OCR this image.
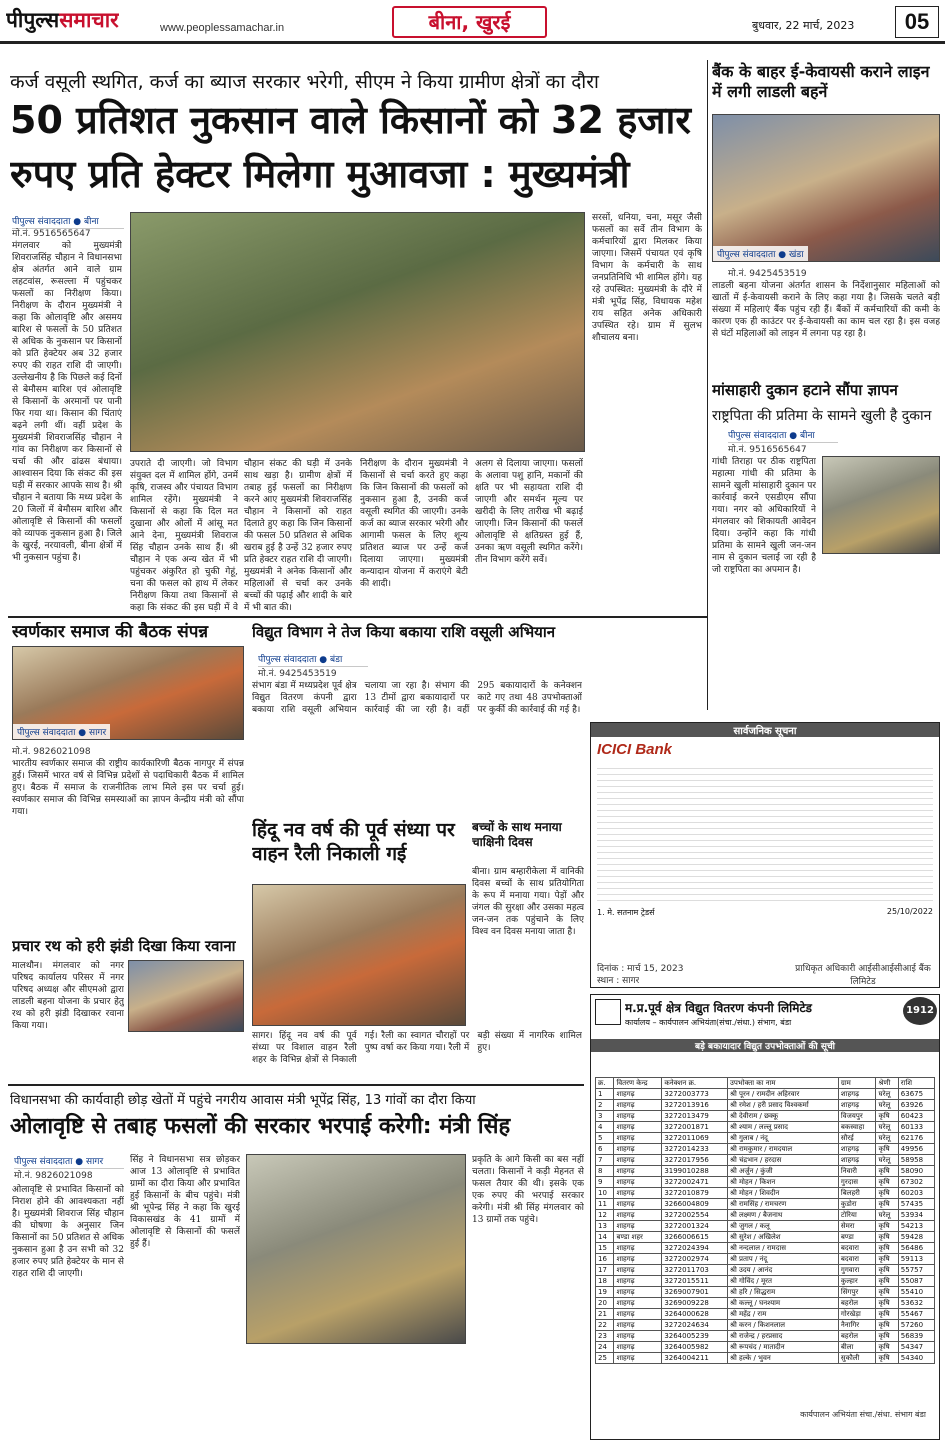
पीपुल्ससमाचार	www.peoplessamachar.in	बीना, खुरई	बुधवार, 22 मार्च, 2023	05
कर्ज वसूली स्थगित, कर्ज का ब्याज सरकार भरेगी, सीएम ने किया ग्रामीण क्षेत्रों का दौरा
50 प्रतिशत नुकसान वाले किसानों को 32 हजार
रुपए प्रति हेक्टर मिलेगा मुआवजा : मुख्यमंत्री
पीपुल्स संवाददाता ● बीना
मो.नं. 9516565647
मंगलवार को मुख्यमंत्री शिवराजसिंह चौहान ने विधानसभा क्षेत्र अंतर्गत आने वाले ग्राम लहटवांस, रूसल्ला में पहुंचकर फसलों का निरीक्षण किया। निरीक्षण के दौरान मुख्यमंत्री ने कहा कि ओलावृष्टि और असमय बारिश से फसलों के 50 प्रतिशत से अधिक के नुकसान पर किसानों को प्रति हेक्टेयर अब 32 हजार रुपए की राहत राशि दी जाएगी। उल्लेखनीय है कि पिछले कई दिनों से बेमौसम बारिश एवं ओलावृष्टि से किसानों के अरमानों पर पानी फिर गया था। किसान की चिंताएं बढ़ने लगी थीं। वहीं प्रदेश के मुख्यमंत्री शिवराजसिंह चौहान ने गांव का निरीक्षण कर किसानों से चर्चा की और ढांढस बंधाया। आश्वासन दिया कि संकट की इस घड़ी में सरकार आपके साथ है। श्री चौहान ने बताया कि मध्य प्रदेश के 20 जिलों में बेमौसम बारिश और ओलावृष्टि से किसानों की फसलों को व्यापक नुकसान हुआ है। जिले के खुरई, नरयावली, बीना क्षेत्रों में भी नुकसान पहुंचा है।
उपराते दी जाएगी। जो विभाग संयुक्त दल में शामिल होंगे, उनमें कृषि, राजस्व और पंचायत विभाग शामिल रहेंगे। मुख्यमंत्री ने किसानों से कहा कि दिल मत दुखाना और ओलों में आंसू मत आने देना, मुख्यमंत्री शिवराज सिंह चौहान उनके साथ हैं। श्री चौहान ने एक अन्य खेत में भी पहुंचकर अंकुरित हो चुकी गेहूं, चना की फसल को हाथ में लेकर निरीक्षण किया तथा किसानों से कहा कि संकट की इस घड़ी में वे
चौहान संकट की घड़ी में उनके साथ खड़ा है। ग्रामीण क्षेत्रों में तबाह हुई फसलों का निरीक्षण करने आए मुख्यमंत्री शिवराजसिंह चौहान ने किसानों को राहत दिलाते हुए कहा कि जिन किसानों की फसल 50 प्रतिशत से अधिक खराब हुई है उन्हें 32 हजार रुपए प्रति हेक्टर राहत राशि दी जाएगी। मुख्यमंत्री ने अनेक किसानों और महिलाओं से चर्चा कर उनके बच्चों की पढ़ाई और शादी के बारे में भी बात की।
निरीक्षण के दौरान मुख्यमंत्री ने किसानों से चर्चा करते हुए कहा कि जिन किसानों की फसलों को नुकसान हुआ है, उनकी कर्ज वसूली स्थगित की जाएगी। उनके कर्ज का ब्याज सरकार भरेगी और आगामी फसल के लिए शून्य प्रतिशत ब्याज पर उन्हें कर्ज दिलाया जाएगा। मुख्यमंत्री कन्यादान योजना में कराएंगे बेटी की शादी।
अलग से दिलाया जाएगा। फसलों के अलावा पशु हानि, मकानों की क्षति पर भी सहायता राशि दी जाएगी और समर्थन मूल्य पर खरीदी के लिए तारीख भी बढ़ाई जाएगी। जिन किसानों की फसलें ओलावृष्टि से क्षतिग्रस्त हुई हैं, उनका ऋण वसूली स्थगित करेंगे। तीन विभाग करेंगे सर्वे।
सरसों, धनिया, चना, मसूर जैसी फसलों का सर्वे तीन विभाग के कर्मचारियों द्वारा मिलकर किया जाएगा। जिसमें पंचायत एवं कृषि विभाग के कर्मचारी के साथ जनप्रतिनिधि भी शामिल होंगे। यह रहे उपस्थित: मुख्यमंत्री के दौरे में मंत्री भूपेंद्र सिंह, विधायक महेश राय सहित अनेक अधिकारी उपस्थित रहे। ग्राम में सुलभ शौचालय बना।
बैंक के बाहर ई-केवायसी कराने लाइन में लगी लाडली बहनें
पीपुल्स संवाददाता ● खंडा
मो.नं. 9425453519
लाडली बहना योजना अंतर्गत शासन के निर्देशानुसार महिलाओं को खातों में ई-केवायसी कराने के लिए कहा गया है। जिसके चलते बड़ी संख्या में महिलाएं बैंक पहुंच रही हैं। बैंकों में कर्मचारियों की कमी के कारण एक ही काउंटर पर ई-केवायसी का काम चल रहा है। इस वजह से घंटों महिलाओं को लाइन में लगना पड़ रहा है।
मांसाहारी दुकान हटाने सौंपा ज्ञापन
राष्ट्रपिता की प्रतिमा के सामने खुली है दुकान
पीपुल्स संवाददाता ● बीना
मो.नं. 9516565647
गांधी तिराहा पर ठीक राष्ट्रपिता महात्मा गांधी की प्रतिमा के सामने खुली मांसाहारी दुकान पर कार्रवाई करने एसडीएम सौंपा गया। नगर को अधिकारियों ने मंगलवार को शिकायती आवेदन दिया। उन्होंने कहा कि गांधी प्रतिमा के सामने खुली जन-जन नाम से दुकान चलाई जा रही है जो राष्ट्रपिता का अपमान है।
स्वर्णकार समाज की बैठक संपन्न
पीपुल्स संवाददाता ● सागर
मो.नं. 9826021098
भारतीय स्वर्णकार समाज की राष्ट्रीय कार्यकारिणी बैठक नागपुर में संपन्न हुई। जिसमें भारत वर्ष से विभिन्न प्रदेशों से पदाधिकारी बैठक में शामिल हुए। बैठक में समाज के राजनीतिक लाभ मिले इस पर चर्चा हुई। स्वर्णकार समाज की विभिन्न समस्याओं का ज्ञापन केन्द्रीय मंत्री को सौंपा गया।
प्रचार रथ को हरी झंडी दिखा किया रवाना
मालथौन। मंगलवार को नगर परिषद कार्यालय परिसर में नगर परिषद अध्यक्ष और सीएमओ द्वारा लाडली बहना योजना के प्रचार हेतु रथ को हरी झंडी दिखाकर रवाना किया गया।
विद्युत विभाग ने तेज किया बकाया राशि वसूली अभियान
पीपुल्स संवाददाता ● बंडा
मो.नं. 9425453519
संभाग बंडा में मध्यप्रदेश पूर्व क्षेत्र विद्युत वितरण कंपनी द्वारा बकाया राशि वसूली अभियान चलाया जा रहा है। संभाग की 13 टीमों द्वारा बकायादारों पर कार्रवाई की जा रही है। वहीं 295 बकायादारों के कनेक्शन काटे गए तथा 48 उपभोक्ताओं पर कुर्की की कार्रवाई की गई है।
हिंदू नव वर्ष की पूर्व संध्या पर वाहन रैली निकाली गई
सागर। हिंदू नव वर्ष की पूर्व संध्या पर विशाल वाहन रैली शहर के विभिन्न क्षेत्रों से निकाली गई। रैली का स्वागत चौराहों पर पुष्प वर्षा कर किया गया। रैली में बड़ी संख्या में नागरिक शामिल हुए।
बच्चों के साथ मनाया चाक्षिनी दिवस
बीना। ग्राम बम्हारीकेला में वानिकी दिवस बच्चों के साथ प्रतियोगिता के रूप में मनाया गया। पेड़ों और जंगल की सुरक्षा और उसका महत्व जन-जन तक पहुंचाने के लिए विश्व वन दिवस मनाया जाता है।
सार्वजनिक सूचना
ICICI Bank
1. मे. सतनाम ट्रेडर्स	25/10/2022
दिनांक : मार्च 15, 2023
स्थान : सागर
प्राधिकृत अधिकारी आईसीआईसीआई बैंक लिमिटेड
विधानसभा की कार्यवाही छोड़ खेतों में पहुंचे नगरीय आवास मंत्री भूपेंद्र सिंह, 13 गांवों का दौरा किया
ओलावृष्टि से तबाह फसलों की सरकार भरपाई करेगी: मंत्री सिंह
पीपुल्स संवाददाता ● सागर
मो.नं. 9826021098
ओलावृष्टि से प्रभावित किसानों को निराश होने की आवश्यकता नहीं है। मुख्यमंत्री शिवराज सिंह चौहान की घोषणा के अनुसार जिन किसानों का 50 प्रतिशत से अधिक नुकसान हुआ है उन सभी को 32 हजार रुपए प्रति हेक्टेयर के मान से राहत राशि दी जाएगी।
सिंह ने विधानसभा सत्र छोड़कर आज 13 ओलावृष्टि से प्रभावित ग्रामों का दौरा किया और प्रभावित हुई किसानों के बीच पहुंचे। मंत्री श्री भूपेन्द्र सिंह ने कहा कि खुरई विकासखंड के 41 ग्रामों में ओलावृष्टि से किसानों की फसलें हुई हैं।
प्रकृति के आगे किसी का बस नहीं चलता। किसानों ने कड़ी मेहनत से फसल तैयार की थी। इसके एक एक रुपए की भरपाई सरकार करेगी। मंत्री श्री सिंह मंगलवार को 13 ग्रामों तक पहुंचे।
म.प्र.पूर्व क्षेत्र विद्युत वितरण कंपनी लिमिटेड	1912
कार्यालय – कार्यपालन अभियंता(संचा./संधा.) संभाग, बंडा
बड़े बकायादार विद्युत उपभोक्ताओं की सूची
क्र.	वितरण केन्द्र	कनेक्शन क्र.	उपभोक्ता का नाम	ग्राम	श्रेणी	राशि
1	शाहगढ़	3272003773	श्री पूरन / रामदीन अहिरवार	शाहगढ़	घरेलू	63675
2	शाहगढ़	3272013916	श्री रमेश / हरी प्रसाद विश्वकर्मा	शाहगढ़	घरेलू	63926
3	शाहगढ़	3272013479	श्री देवीराम / छक्कू	विजयपुर	कृषि	60423
4	शाहगढ़	3272001871	श्री श्याम / लल्लू प्रसाद	बकस्वाहा	घरेलू	60133
5	शाहगढ़	3272011069	श्री गुलाब / नंदू	सौरई	घरेलू	62176
6	शाहगढ़	3272014233	श्री रामकुमार / रामदयाल	शाहगढ़	कृषि	49956
7	शाहगढ़	3272017956	श्री चंद्रभान / हरदास	शाहगढ़	घरेलू	58958
8	शाहगढ़	3199010288	श्री अर्जुन / कुंजी	निवारी	कृषि	58090
9	शाहगढ़	3272002471	श्री मोहन / किशन	गुरदास	कृषि	67302
10	शाहगढ़	3272010879	श्री मोहन / शिवदीन	बिलहरी	कृषि	60203
11	शाहगढ़	3266004809	श्री रामसिंह / रामचरण	कुडोरा	कृषि	57435
12	शाहगढ़	3272002554	श्री लक्ष्मण / बैजनाथ	टोरिया	घरेलू	53934
13	शाहगढ़	3272001324	श्री जुगल / कलू	सेमरा	कृषि	54213
14	बण्डा शहर	3266006615	श्री सुरेश / अखिलेश	बण्डा	कृषि	59428
15	शाहगढ़	3272024394	श्री नन्दलाल / रामदास	बदवारा	कृषि	56486
16	शाहगढ़	3272002974	श्री प्रताप / नंदू	बदवारा	कृषि	59113
17	शाहगढ़	3272011703	श्री उदय / आनंद	गुगवारा	कृषि	55757
18	शाहगढ़	3272015511	श्री गोविंद / मूरत	कुल्हार	कृषि	55087
19	शाहगढ़	3269007901	श्री हरि / सिद्धराम	सिंगपुर	कृषि	55410
20	शाहगढ़	3269009228	श्री कल्लू / घनश्याम	बहरोल	कृषि	53632
21	शाहगढ़	3264000628	श्री महेंद्र / राम	गोरखेड़ा	कृषि	55467
22	शाहगढ़	3272024634	श्री करन / किशनलाल	नैनागिर	कृषि	57260
23	शाहगढ़	3264005239	श्री राजेन्द्र / हरप्रसाद	बहरोल	कृषि	56839
24	शाहगढ़	3264005982	श्री रूपचंद / मातादीन	बीला	कृषि	54347
25	शाहगढ़	3264004211	श्री हल्के / भुवन	सुकौली	कृषि	54340
कार्यपालन अभियंता संचा./संधा. संभाग बंडा
